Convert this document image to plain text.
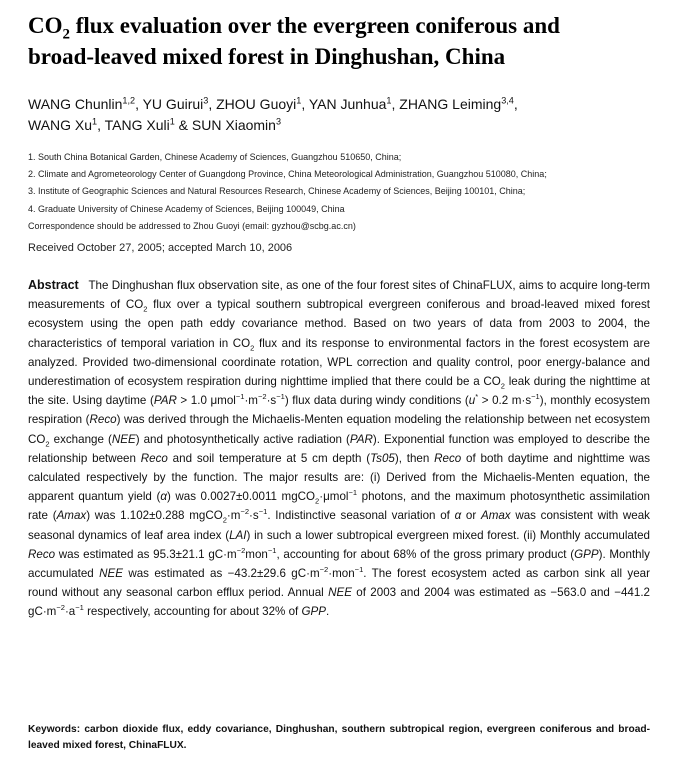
$CO_2$ flux evaluation over the evergreen coniferous and
broad-leaved mixed forest in Dinghushan, China
WANG Chunlin$^{1,2}$, YU Guirui$^3$, ZHOU Guoyi$^1$, YAN Junhua$^1$, ZHANG Leiming$^{3,4}$,
WANG Xu$^1$, TANG Xuli$^1$ & SUN Xiaomin$^3$
1. South China Botanical Garden, Chinese Academy of Sciences, Guangzhou 510650, China;
2. Climate and Agrometeorology Center of Guangdong Province, China Meteorological Administration, Guangzhou 510080, China;
3. Institute of Geographic Sciences and Natural Resources Research, Chinese Academy of Sciences, Beijing 100101, China;
4. Graduate University of Chinese Academy of Sciences, Beijing 100049, China
Correspondence should be addressed to Zhou Guoyi (email: gyzhou@scbg.ac.cn)
Received October 27, 2005; accepted March 10, 2006

Abstract The Dinghushan flux observation site, as one of the four forest sites of ChinaFLUX, aims to acquire long-term measurements of $CO_2$ flux over a typical southern subtropical evergreen coniferous and broad-leaved mixed forest ecosystem using the open path eddy covariance method. Based on two years of data from 2003 to 2004, the characteristics of temporal variation in $CO_2$ flux and its response to environmental factors in the forest ecosystem are analyzed. Provided two-dimensional coordinate rotation, WPL correction and quality control, poor energy-balance and underestimation of ecosystem respiration during nighttime implied that there could be a $CO_2$ leak during the nighttime at the site. Using daytime (PAR > 1.0 $\mu mol^{-1}\cdot m^{-2}\cdot s^{-1}$) flux data during windy conditions (u* > 0.2 $m\cdot s^{-1}$), monthly ecosystem respiration (Reco) was derived through the Michaelis-Menten equation modeling the relationship between net ecosystem $CO_2$ exchange (NEE) and photosynthetically active radiation (PAR). Exponential function was employed to describe the relationship between Reco and soil temperature at 5 cm depth (Ts05), then Reco of both daytime and nighttime was calculated respectively by the function. The major results are: (i) Derived from the Michaelis-Menten equation, the apparent quantum yield (α) was 0.0027±0.0011 mgCO$_2$·μmol$^{-1}$ photons, and the maximum photosynthetic assimilation rate (Amax) was 1.102±0.288 $mgCO_2\cdot m^{-2}\cdot s^{-1}$. Indistinctive seasonal variation of α or Amax was consistent with weak seasonal dynamics of leaf area index (LAI) in such a lower subtropical evergreen mixed forest. (ii) Monthly accumulated Reco was estimated as 95.3±21.1 $gC\cdot m^{-2}mon^{-1}$, accounting for about 68% of the gross primary product (GPP). Monthly accumulated NEE was estimated as −43.2±29.6 $gC\cdot m^{-2}\cdot mon^{-1}$. The forest ecosystem acted as carbon sink all year round without any seasonal carbon efflux period. Annual NEE of 2003 and 2004 was estimated as −563.0 and −441.2 $gC\cdot m^{-2}\cdot a^{-1}$ respectively, accounting for about 32% of GPP.

Keywords: carbon dioxide flux, eddy covariance, Dinghushan, southern subtropical region, evergreen coniferous and broad-leaved mixed forest, ChinaFLUX.
